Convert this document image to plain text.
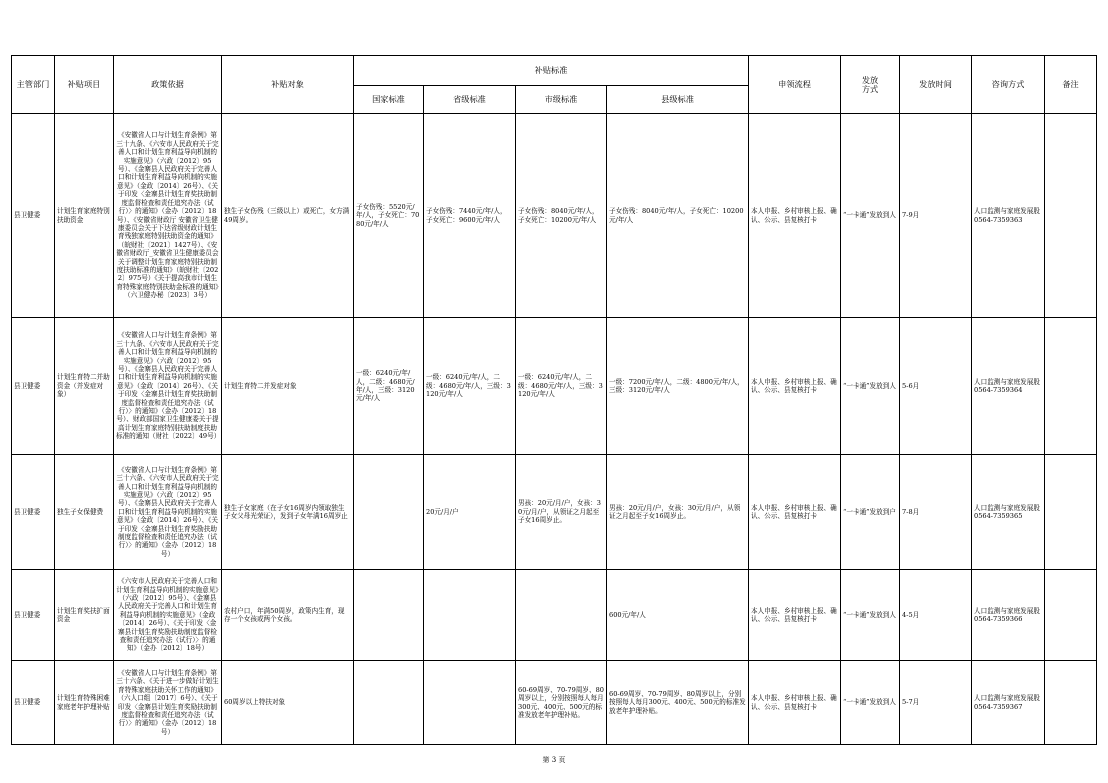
主管部门	补贴项目	政策依据	补贴对象	补贴标准				申领流程	发放
方式	发放时间	咨询方式	备注
				国家标准	省级标准	市级标准	县级标准					
县卫健委	计划生育家庭特别扶助资金	《安徽省人口与计划生育条例》第三十九条、《六安市人民政府关于完善人口和计划生育利益导向机制的实施意见》（六政〔2012〕95号）、《金寨县人民政府关于完善人口和计划生育利益导向机制的实施意见》（金政〔2014〕26号）、《关于印发〈金寨县计划生育奖扶助制度监督检查和责任追究办法（试行）〉的通知》（金办〔2012〕18号）、《安徽省财政厅 安徽省卫生健康委员会关于下达省级财政计划生育残独家庭特别扶助资金的通知》（皖财社〔2021〕1427号）、《安徽省财政厅_安徽省卫生健康委员会关于调整计划生育家庭特别扶助制度扶助标准的通知》（皖财社〔2022〕975号）《关于提高我市计划生育特殊家庭特别扶助金标准的通知》（六卫健办秘〔2023〕3号）	独生子女伤残（三级以上）或死亡，女方满49周岁。	子女伤残：5520元/年/人，子女死亡：7080元/年/人	子女伤残：7440元/年/人，子女死亡：9600元/年/人	子女伤残：8040元/年/人，子女死亡：10200元/年/人	子女伤残：8040元/年/人，子女死亡：10200元/年/人	本人申报、乡村审核上报、确认、公示、县复核打卡	“一卡通”发放到人	7-9月	人口监测与家庭发展股
0564-7359363	
县卫健委	计划生育特二并助资金（并发症对象）	《安徽省人口与计划生育条例》第三十九条、《六安市人民政府关于完善人口和计划生育利益导向机制的实施意见》（六政〔2012〕95号）、《金寨县人民政府关于完善人口和计划生育利益导向机制的实施意见》（金政〔2014〕26号）、《关于印发〈金寨县计划生育奖扶助制度监督检查和责任追究办法（试行）〉的通知》（金办〔2012〕18号）、财政部国家卫生健康委关于提高计划生育家庭特别扶助制度扶助标准的通知（财社〔2022〕49号）	计划生育特二并发症对象	一级：6240元/年/人，二级：4680元/年/人，三级：3120元/年/人	一级：6240元/年/人，二级：4680元/年/人，三级：3120元/年/人	一级：6240元/年/人，二级：4680元/年/人，三级：3120元/年/人	一级：7200元/年/人，二级：4800元/年/人，三级：3120元/年/人	本人申报、乡村审核上报、确认、公示、县复核打卡	“一卡通”发放到人	5-6月	人口监测与家庭发展股
0564-7359364	
县卫健委	独生子女保健费	《安徽省人口与计划生育条例》第三十六条、《六安市人民政府关于完善人口和计划生育利益导向机制的实施意见》（六政〔2012〕95号）、《金寨县人民政府关于完善人口和计划生育利益导向机制的实施意见》（金政〔2014〕26号）、《关于印发〈金寨县计划生育奖励扶助制度监督检查和责任追究办法（试行）〉的通知》（金办〔2012〕18号）	独生子女家庭（在子女16周岁内领取独生子女父母光荣证），发到子女年满16周岁止		20元/月/户	男孩：20元/月/户，女孩：30元/月/户，从领证之月起至子女16周岁止。	男孩：20元/月/户，女孩：30元/月/户，从领证之月起至子女16周岁止。	本人申报、乡村审核上报、确认、公示、县复核打卡	“一卡通”发放到户	7-8月	人口监测与家庭发展股
0564-7359365	
县卫健委	计划生育奖扶扩面资金	《六安市人民政府关于完善人口和计划生育利益导向机制的实施意见》（六政〔2012〕95号）、《金寨县人民政府关于完善人口和计划生育利益导向机制的实施意见》（金政〔2014〕26号）、《关于印发〈金寨县计划生育奖励扶助制度监督检查和责任追究办法（试行）〉的通知》（金办〔2012〕18号）	农村户口，年满50周岁，政策内生育，现存一个女孩或两个女孩。				600元/年/人	本人申报、乡村审核上报、确认、公示、县复核打卡	“一卡通”发放到人	4-5月	人口监测与家庭发展股
0564-7359366	
县卫健委	计划生育特殊困难家庭老年护理补贴	《安徽省人口与计划生育条例》第三十六条、《关于进一步做好计划生育特殊家庭扶助关怀工作的通知》（六人口组〔2017〕6号）、《关于印发〈金寨县计划生育奖励扶助制度监督检查和责任追究办法（试行）〉的通知》（金办〔2012〕18号）	60周岁以上特扶对象			60-69周岁、70-79周岁、80周岁以上，分别按照每人每月300元、400元、500元的标准发放老年护理补贴。	60-69周岁、70-79周岁、80周岁以上，分别按照每人每月300元、400元、500元的标准发放老年护理补贴。	本人申报、乡村审核上报、确认、公示、县复核打卡	“一卡通”发放到人	5-7月	人口监测与家庭发展股
0564-7359367	
第 3 页
